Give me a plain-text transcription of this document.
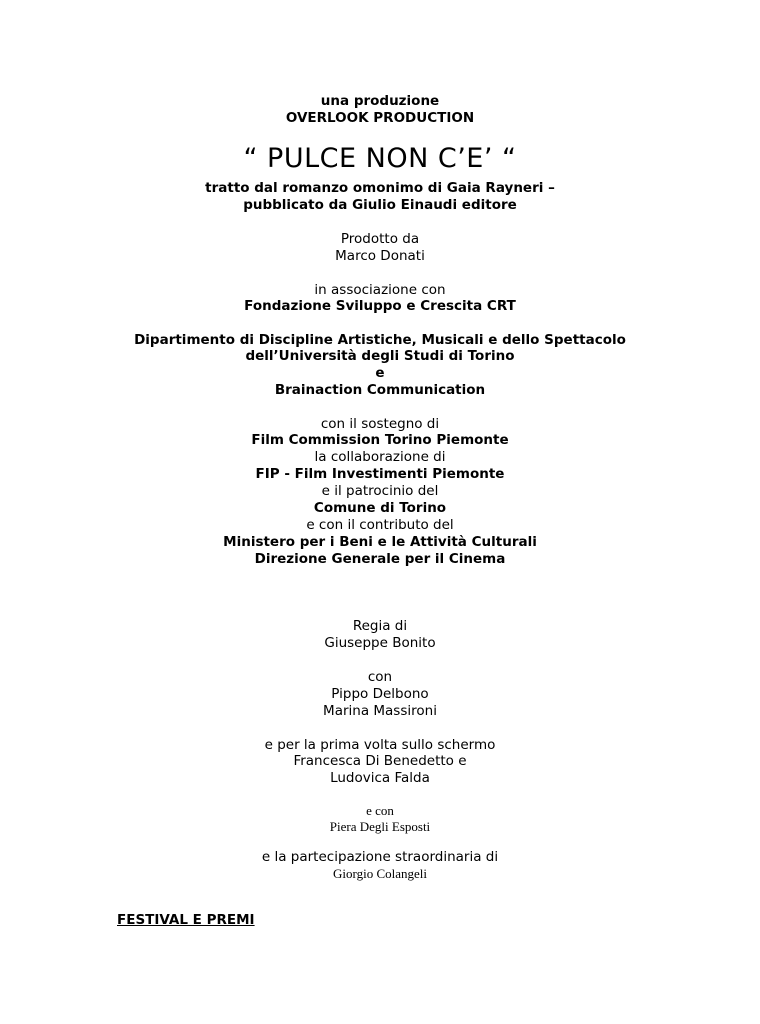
una produzione
OVERLOOK PRODUCTION
“ PULCE NON C’E’ “
tratto dal romanzo omonimo di Gaia Rayneri –
pubblicato da Giulio Einaudi editore
Prodotto da
Marco Donati
in associazione con
Fondazione Sviluppo e Crescita CRT
Dipartimento di Discipline Artistiche, Musicali e dello Spettacolo
dell’Università degli Studi di Torino
e
Brainaction Communication
con il sostegno di
Film Commission Torino Piemonte
la collaborazione di
FIP - Film Investimenti Piemonte
e il patrocinio del
Comune di Torino
e con il contributo del
Ministero per i Beni e le Attività Culturali
Direzione Generale per il Cinema
Regia di
Giuseppe Bonito
con
Pippo Delbono
Marina Massironi
e per la prima volta sullo schermo
Francesca Di Benedetto e
Ludovica Falda
e con
Piera Degli Esposti
e la partecipazione straordinaria di
Giorgio Colangeli
FESTIVAL E PREMI
